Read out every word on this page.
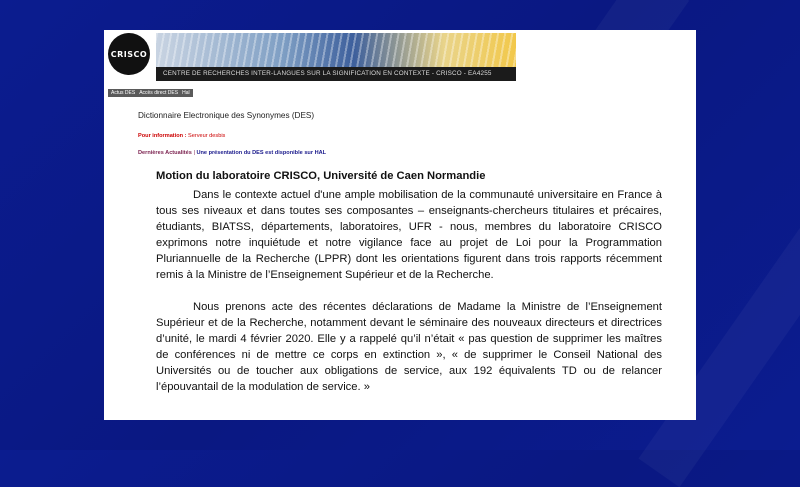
CRISCO
CENTRE DE RECHERCHES INTER-LANGUES SUR LA SIGNIFICATION EN CONTEXTE - CRISCO - EA4255
Actus DES Accès direct DES Hal
Dictionnaire Electronique des Synonymes (DES)
Pour information : Serveur desbis
Dernières Actualités | Une présentation du DES est disponible sur HAL

Motion du laboratoire CRISCO, Université de Caen Normandie

Dans le contexte actuel d'une ample mobilisation de la communauté universitaire en France à tous ses niveaux et dans toutes ses composantes – enseignants-chercheurs titulaires et précaires, étudiants, BIATSS, départements, laboratoires, UFR - nous, membres du laboratoire CRISCO exprimons notre inquiétude et notre vigilance face au projet de Loi pour la Programmation Pluriannuelle de la Recherche (LPPR) dont les orientations figurent dans trois rapports récemment remis à la Ministre de l’Enseignement Supérieur et de la Recherche.

Nous prenons acte des récentes déclarations de Madame la Ministre de l’Enseignement Supérieur et de la Recherche, notamment devant le séminaire des nouveaux directeurs et directrices d’unité, le mardi 4 février 2020. Elle y a rappelé qu’il n’était « pas question de supprimer les maîtres de conférences ni de mettre ce corps en extinction », « de supprimer le Conseil National des Universités ou de toucher aux obligations de service, aux 192 équivalents TD ou de relancer l’épouvantail de la modulation de service. »
